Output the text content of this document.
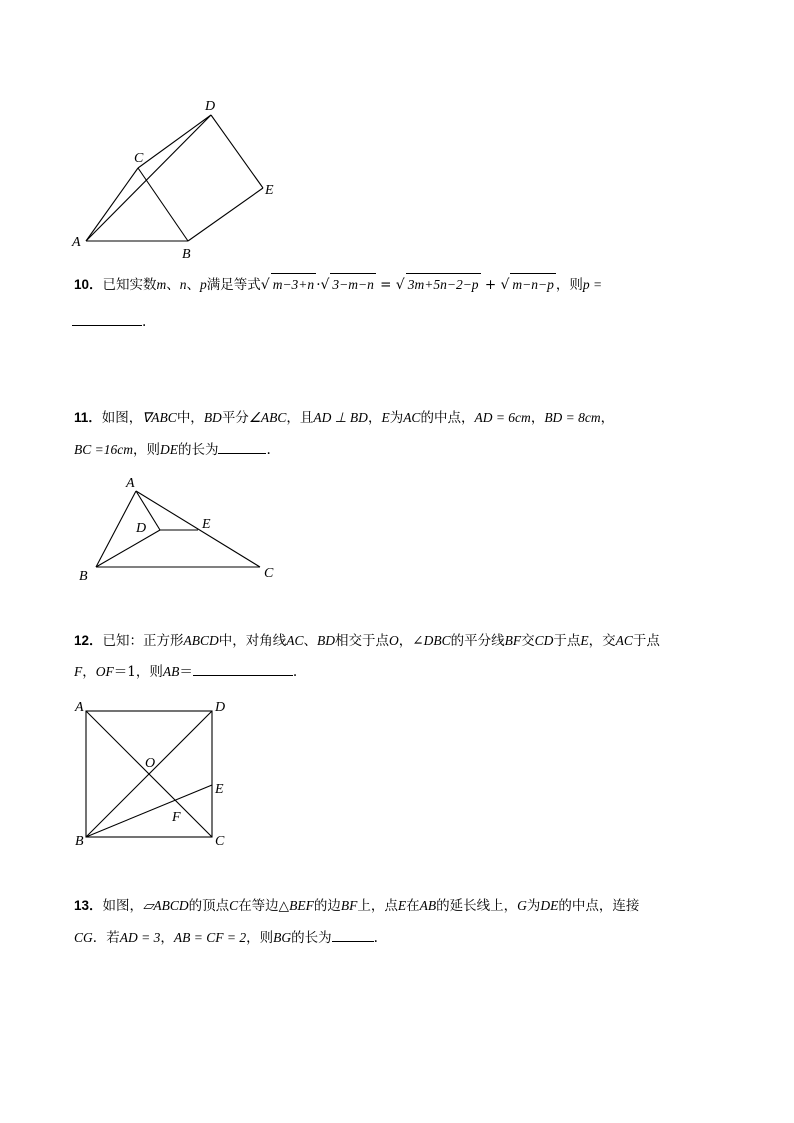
A
B
C
D
E
10．已知实数m、n、p满足等式√ m−3+n ·√ 3−m−n = √ 3m+5n−2−p + √ m−n−p ，则p =
.
11．如图，∇ABC中，BD平分∠ABC，且AD ⊥ BD，E为AC的中点，AD = 6cm，BD = 8cm，
BC =16cm，则DE的长为	.
A
B	C
D	E
12．已知：正方形ABCD中，对角线AC、BD相交于点O，∠DBC的平分线BF交CD于点E，交AC于点
F，OF＝1，则AB＝	.
A	D
B	C
E
F
O
13．如图，▱ABCD的顶点C在等边△BEF的边BF上，点E在AB的延长线上，G为DE的中点，连接
CG．若AD = 3，AB = CF = 2，则BG的长为	.
